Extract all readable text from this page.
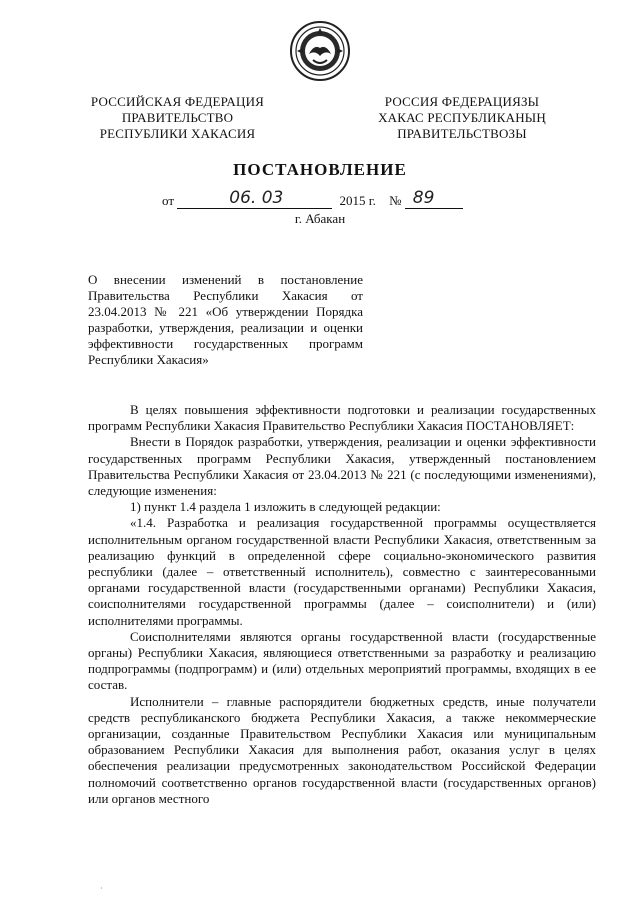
РОССИЙСКАЯ ФЕДЕРАЦИЯ
ПРАВИТЕЛЬСТВО
РЕСПУБЛИКИ ХАКАСИЯ
РОССИЯ ФЕДЕРАЦИЯЗЫ
ХАКАС РЕСПУБЛИКАНЫҢ
ПРАВИТЕЛЬСТВОЗЫ
ПОСТАНОВЛЕНИЕ
от	06. 03	2015 г. № 89
г. Абакан
О внесении изменений в постановление Правительства Республики Хакасия от 23.04.2013 № 221 «Об утверждении Порядка разработки, утверждения, реализации и оценки эффективности государственных программ Республики Хакасия»

В целях повышения эффективности подготовки и реализации государственных программ Республики Хакасия Правительство Республики Хакасия ПОСТАНОВЛЯЕТ:

Внести в Порядок разработки, утверждения, реализации и оценки эффективности государственных программ Республики Хакасия, утвержденный постановлением Правительства Республики Хакасия от 23.04.2013 № 221 (с последующими изменениями), следующие изменения:

1) пункт 1.4 раздела 1 изложить в следующей редакции:

«1.4. Разработка и реализация государственной программы осуществляется исполнительным органом государственной власти Республики Хакасия, ответственным за реализацию функций в определенной сфере социально-экономического развития республики (далее – ответственный исполнитель), совместно с заинтересованными органами государственной власти (государственными органами) Республики Хакасия, соисполнителями государственной программы (далее – соисполнители) и (или) исполнителями программы.

Соисполнителями являются органы государственной власти (государственные органы) Республики Хакасия, являющиеся ответственными за разработку и реализацию подпрограммы (подпрограмм) и (или) отдельных мероприятий программы, входящих в ее состав.

Исполнители – главные распорядители бюджетных средств, иные получатели средств республиканского бюджета Республики Хакасия, а также некоммерческие организации, созданные Правительством Республики Хакасия или муниципальным образованием Республики Хакасия для выполнения работ, оказания услуг в целях обеспечения реализации предусмотренных законодательством Российской Федерации полномочий соответственно органов государственной власти (государственных органов) или органов местного

·
